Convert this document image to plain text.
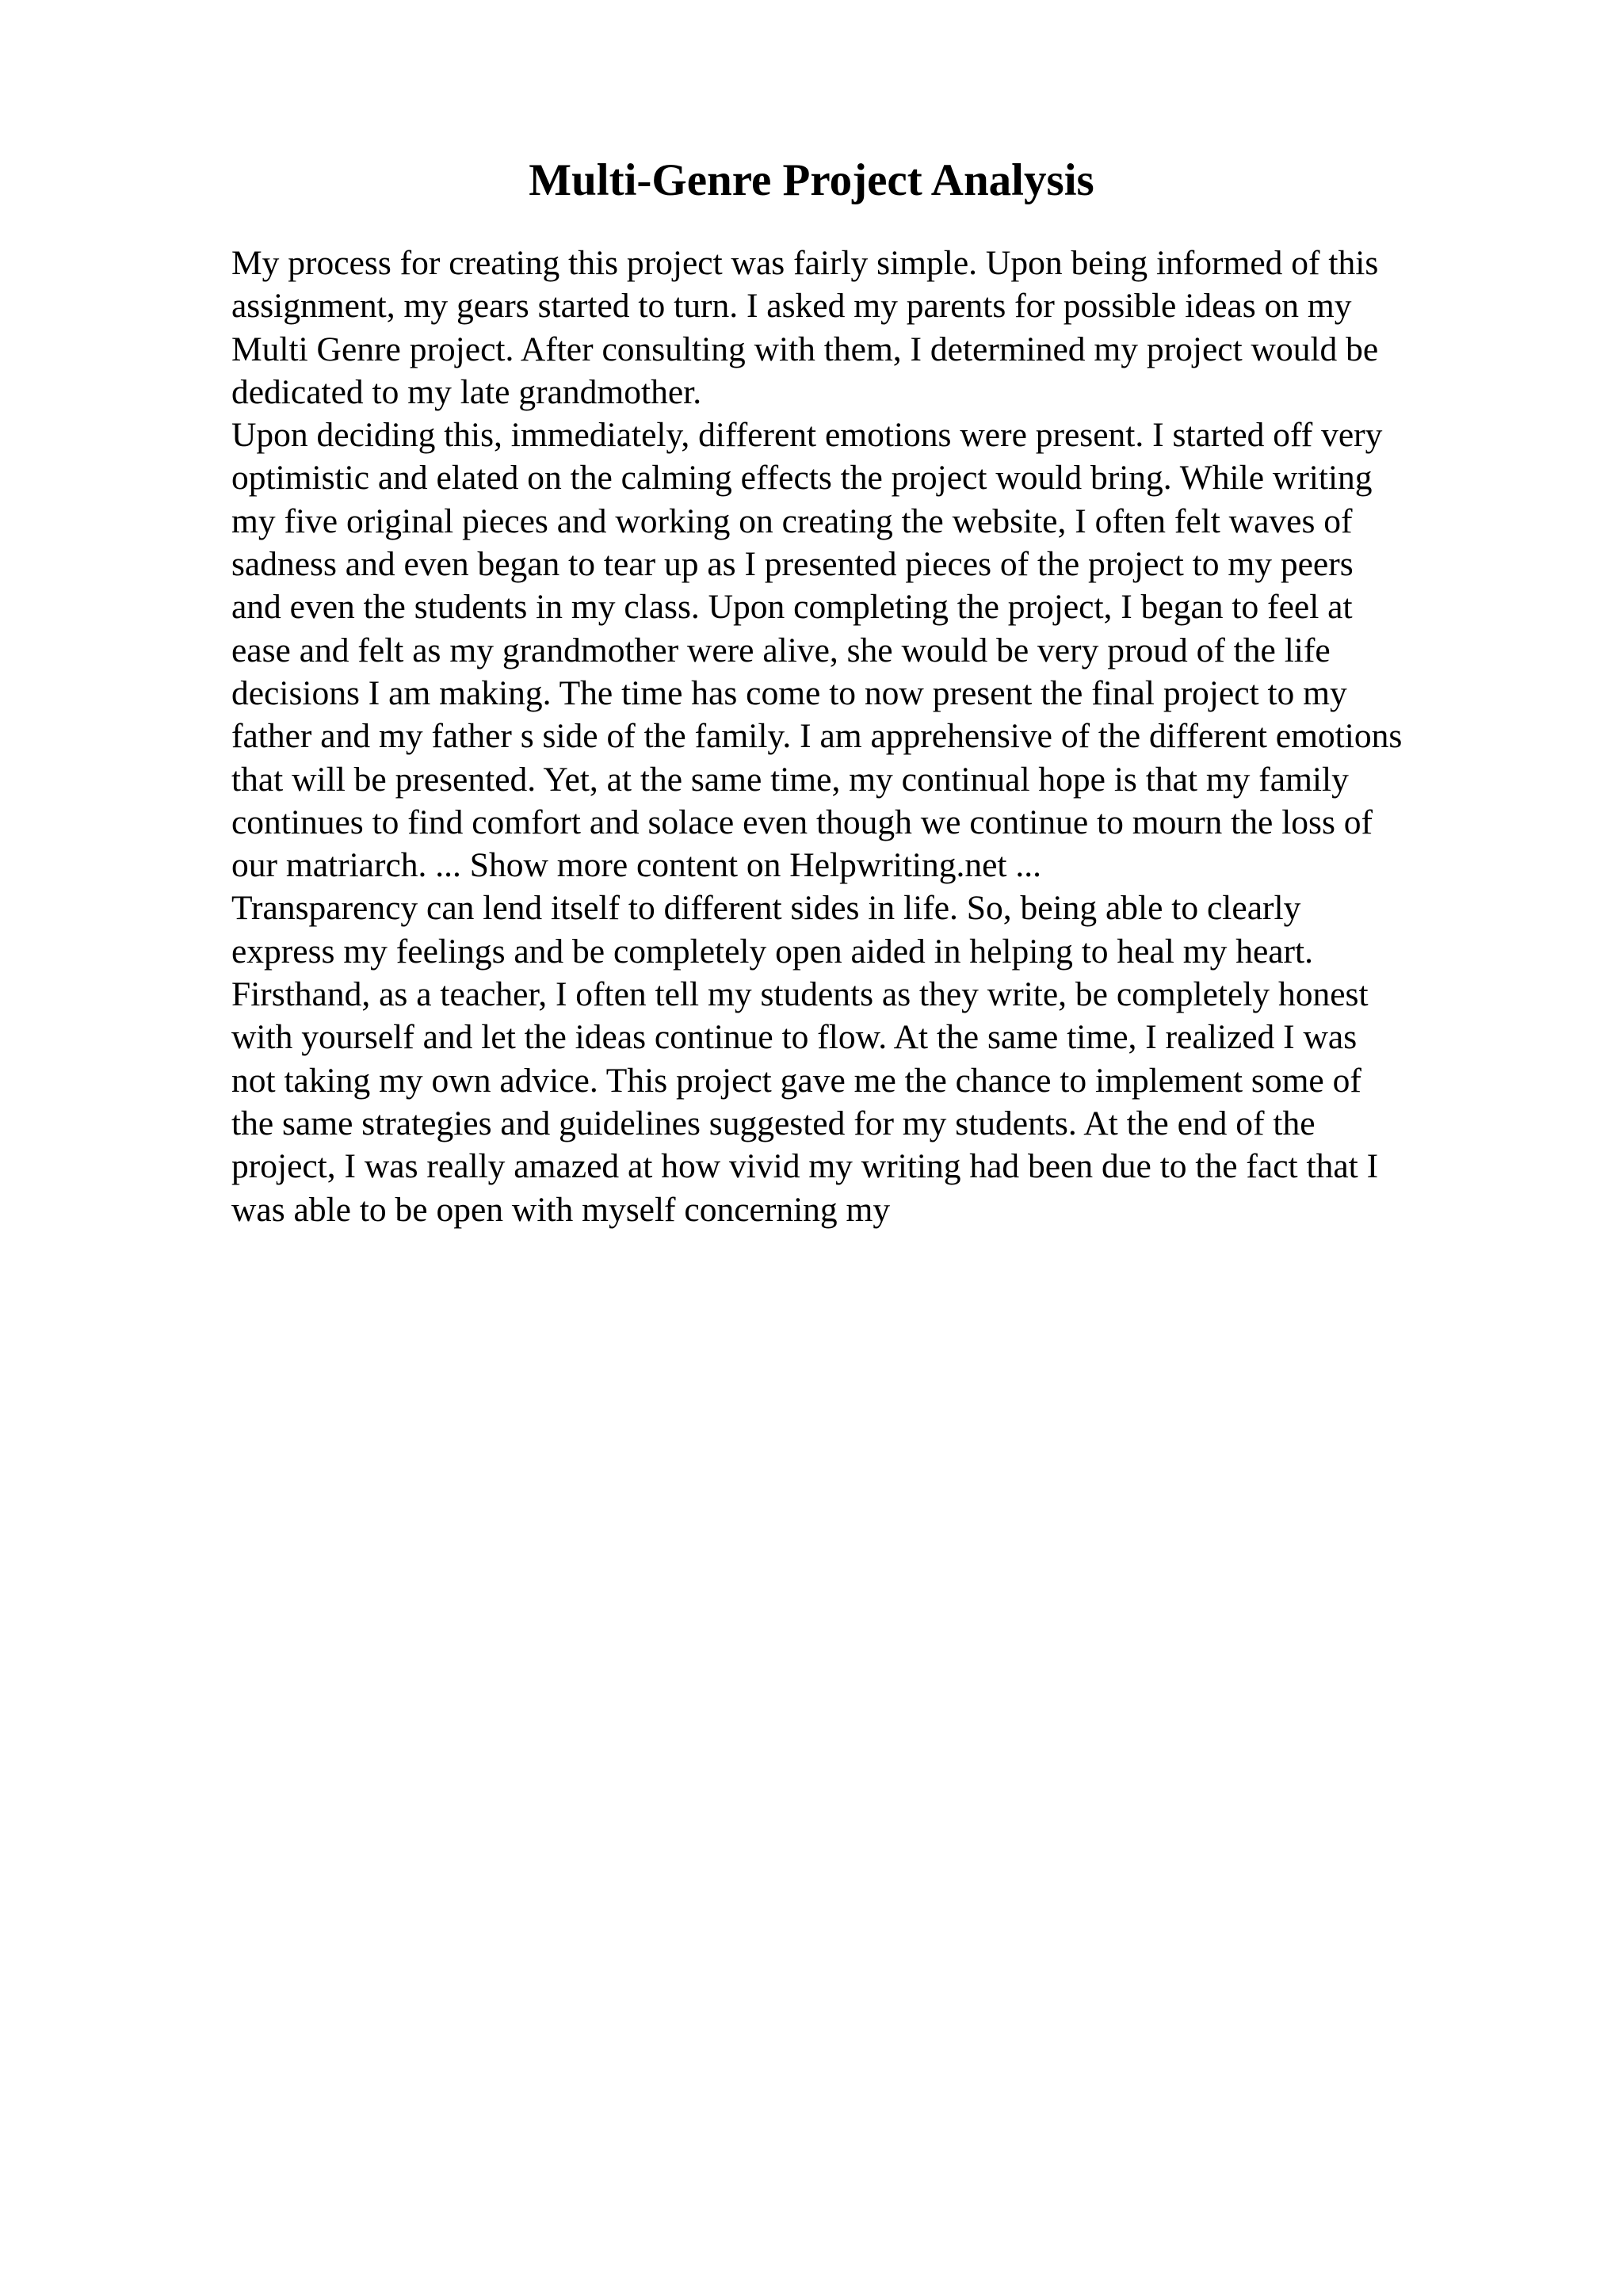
Multi-Genre Project Analysis
My process for creating this project was fairly simple. Upon being informed of this
assignment, my gears started to turn. I asked my parents for possible ideas on my
Multi Genre project. After consulting with them, I determined my project would be
dedicated to my late grandmother.
Upon deciding this, immediately, different emotions were present. I started off very
optimistic and elated on the calming effects the project would bring. While writing
my five original pieces and working on creating the website, I often felt waves of
sadness and even began to tear up as I presented pieces of the project to my peers
and even the students in my class. Upon completing the project, I began to feel at
ease and felt as my grandmother were alive, she would be very proud of the life
decisions I am making. The time has come to now present the final project to my
father and my father s side of the family. I am apprehensive of the different emotions
that will be presented. Yet, at the same time, my continual hope is that my family
continues to find comfort and solace even though we continue to mourn the loss of
our matriarch. ... Show more content on Helpwriting.net ...
Transparency can lend itself to different sides in life. So, being able to clearly
express my feelings and be completely open aided in helping to heal my heart.
Firsthand, as a teacher, I often tell my students as they write, be completely honest
with yourself and let the ideas continue to flow. At the same time, I realized I was
not taking my own advice. This project gave me the chance to implement some of
the same strategies and guidelines suggested for my students. At the end of the
project, I was really amazed at how vivid my writing had been due to the fact that I
was able to be open with myself concerning my
